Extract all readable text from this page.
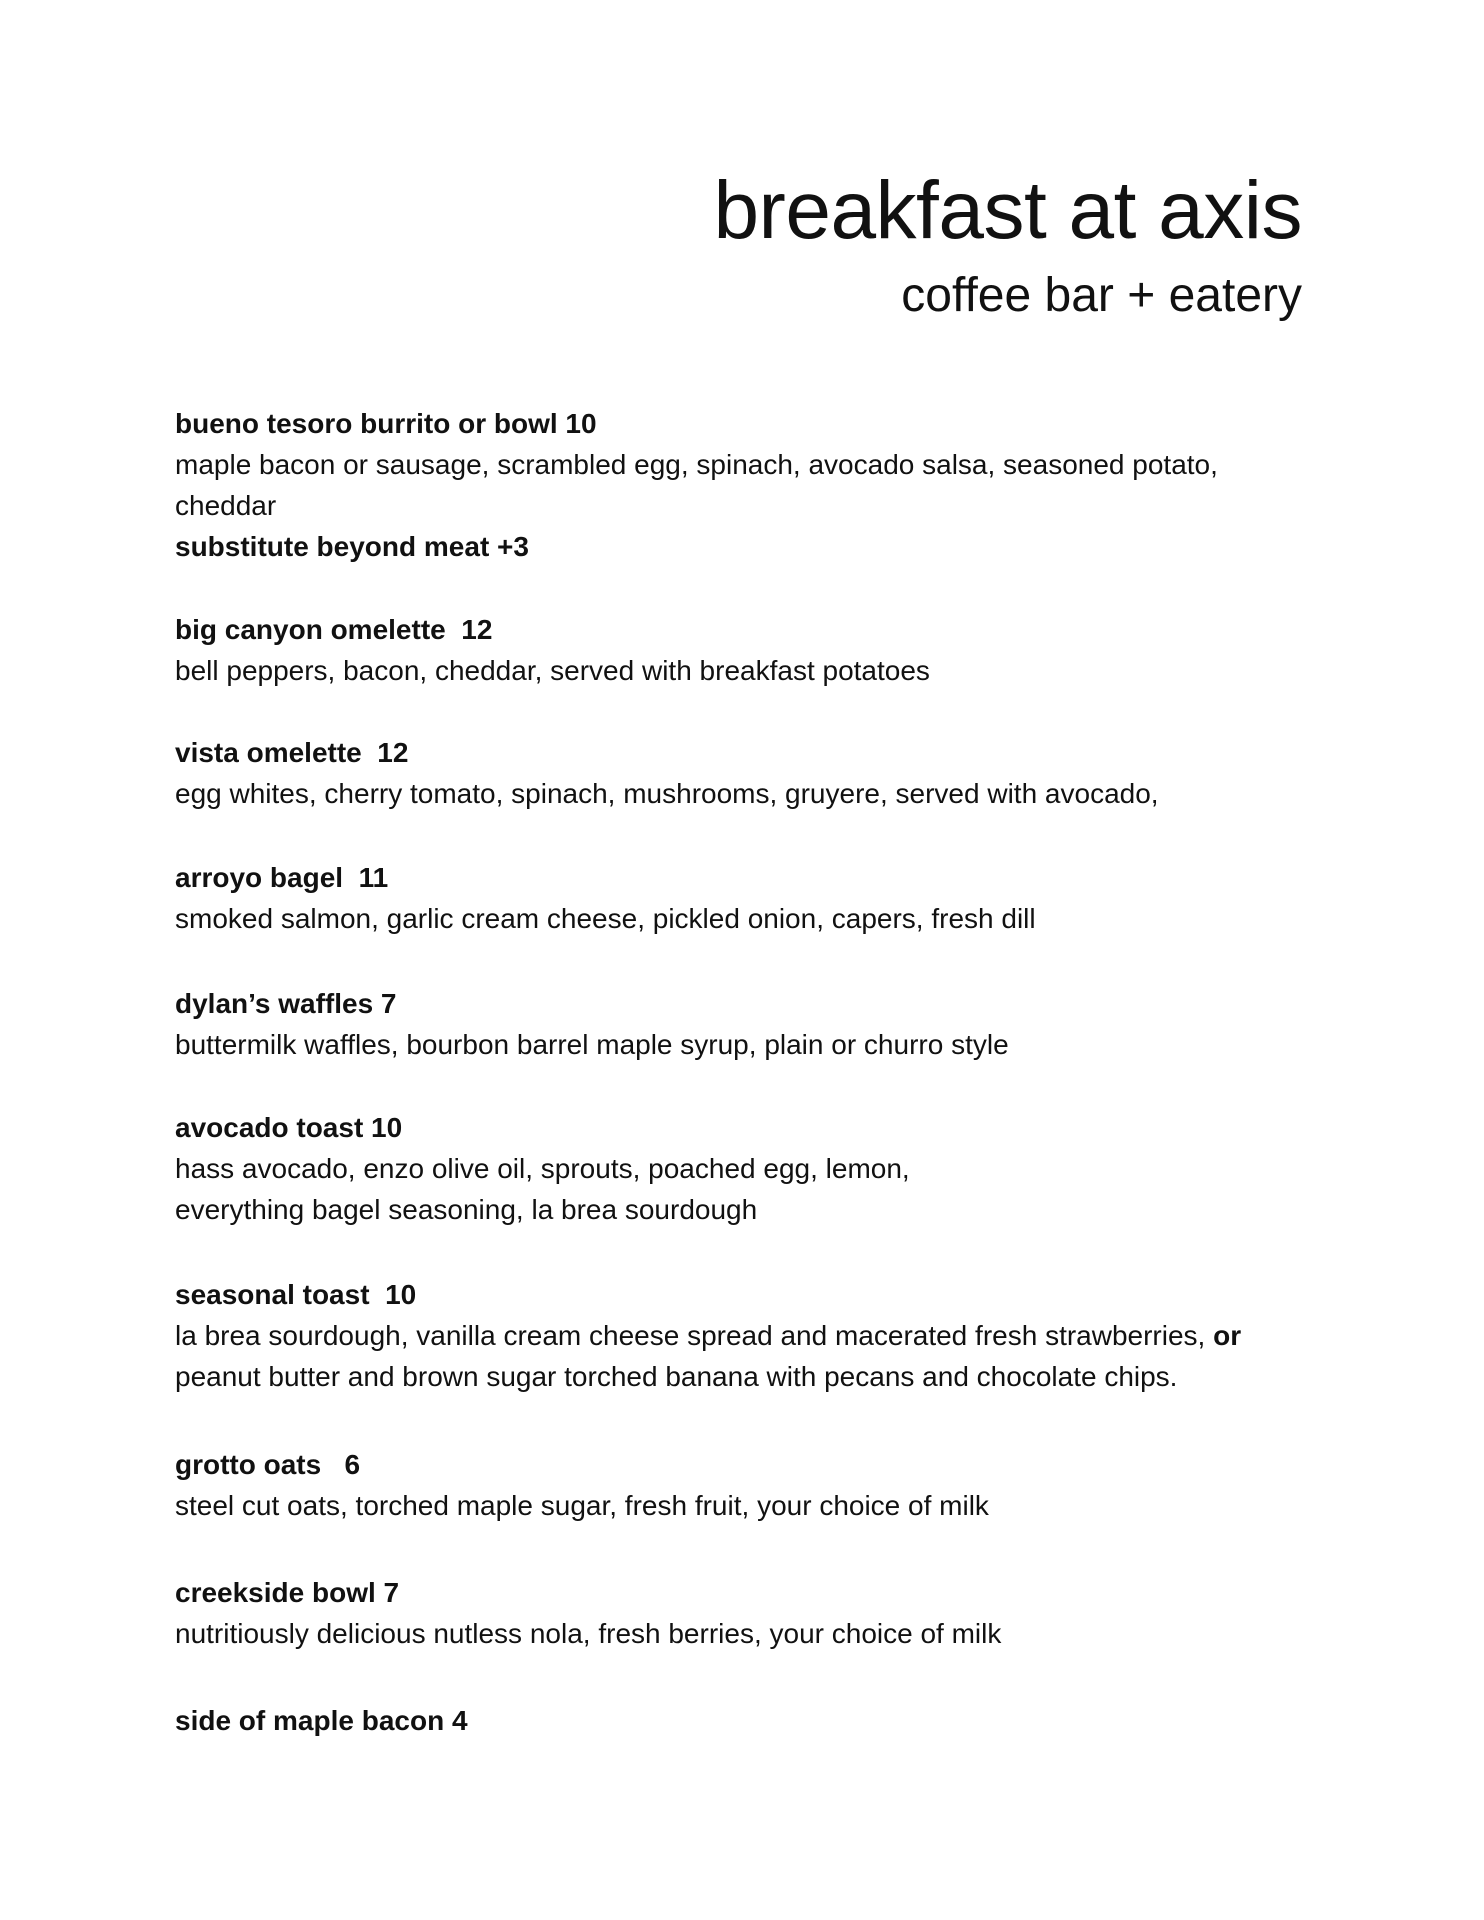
breakfast at axis
coffee bar + eatery
bueno tesoro burrito or bowl 10
maple bacon or sausage, scrambled egg, spinach, avocado salsa, seasoned potato,
cheddar
substitute beyond meat +3
big canyon omelette  12
bell peppers, bacon, cheddar, served with breakfast potatoes
vista omelette  12
egg whites, cherry tomato, spinach, mushrooms, gruyere, served with avocado,
arroyo bagel  11
smoked salmon, garlic cream cheese, pickled onion, capers, fresh dill
dylan’s waffles 7
buttermilk waffles, bourbon barrel maple syrup, plain or churro style
avocado toast 10
hass avocado, enzo olive oil, sprouts, poached egg, lemon,
everything bagel seasoning, la brea sourdough
seasonal toast  10
la brea sourdough, vanilla cream cheese spread and macerated fresh strawberries, or
peanut butter and brown sugar torched banana with pecans and chocolate chips.
grotto oats   6
steel cut oats, torched maple sugar, fresh fruit, your choice of milk
creekside bowl 7
nutritiously delicious nutless nola, fresh berries, your choice of milk
side of maple bacon 4
